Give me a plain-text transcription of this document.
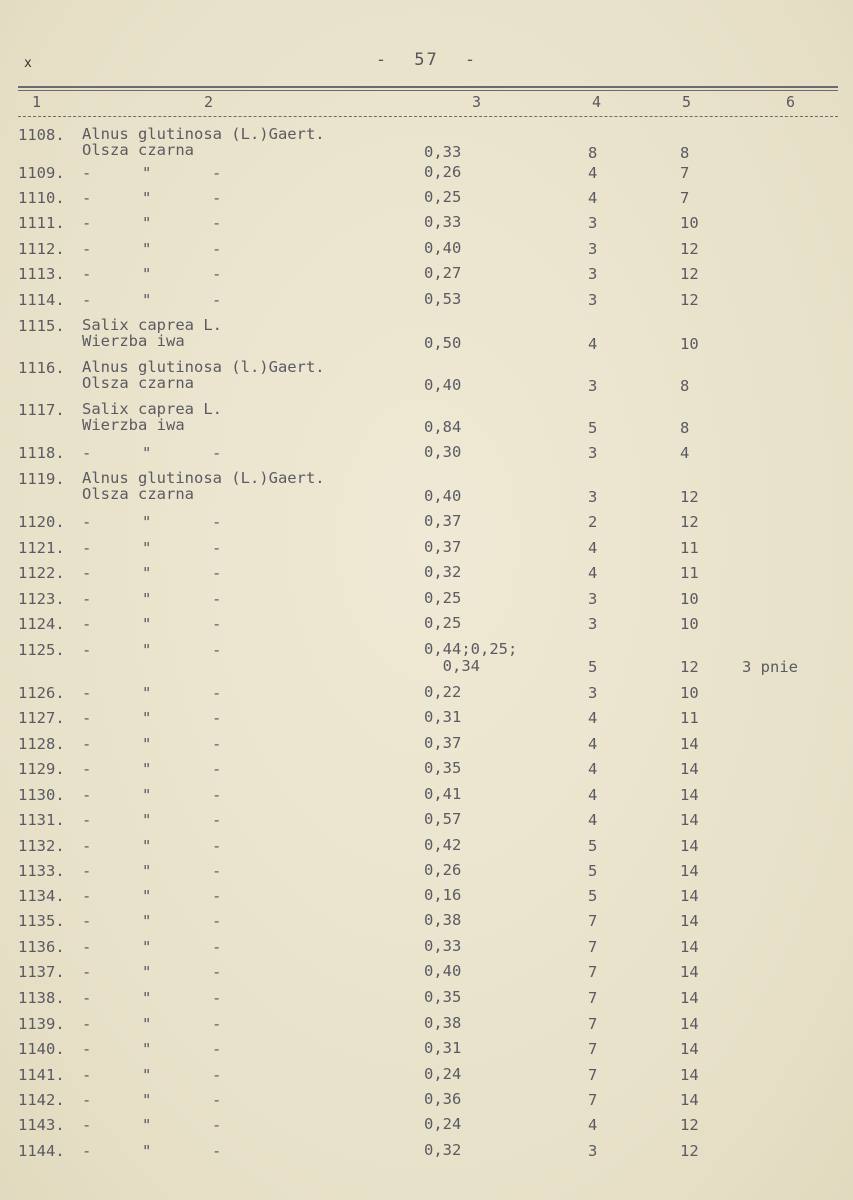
x	- 57 -
1	2	3	4	5	6
1108. Alnus glutinosa (L.)Gaert.
Olsza czarna	0,33	8	8
1109. -	"	-	0,26	4	7
1110. -	"	-	0,25	4	7
1111. -	"	-	0,33	3	10
1112. -	"	-	0,40	3	12
1113. -	"	-	0,27	3	12
1114. -	"	-	0,53	3	12
1115. Salix caprea L.
Wierzba iwa	0,50	4	10
1116. Alnus glutinosa (l.)Gaert.
Olsza czarna	0,40	3	8
1117. Salix caprea L.
Wierzba iwa	0,84	5	8
1118. -	"	-	0,30	3	4
1119. Alnus glutinosa (L.)Gaert.
Olsza czarna	0,40	3	12
1120. -	"	-	0,37	2	12
1121. -	"	-	0,37	4	11
1122. -	"	-	0,32	4	11
1123. -	"	-	0,25	3	10
1124. -	"	-	0,25	3	10
1125. -	"	-	0,44;0,25;
0,34	5	12	3 pnie
1126. -	"	-	0,22	3	10
1127. -	"	-	0,31	4	11
1128. -	"	-	0,37	4	14
1129. -	"	-	0,35	4	14
1130. -	"	-	0,41	4	14
1131. -	"	-	0,57	4	14
1132. -	"	-	0,42	5	14
1133. -	"	-	0,26	5	14
1134. -	"	-	0,16	5	14
1135. -	"	-	0,38	7	14
1136. -	"	-	0,33	7	14
1137. -	"	-	0,40	7	14
1138. -	"	-	0,35	7	14
1139. -	"	-	0,38	7	14
1140. -	"	-	0,31	7	14
1141. -	"	-	0,24	7	14
1142. -	"	-	0,36	7	14
1143. -	"	-	0,24	4	12
1144. -	"	-	0,32	3	12
